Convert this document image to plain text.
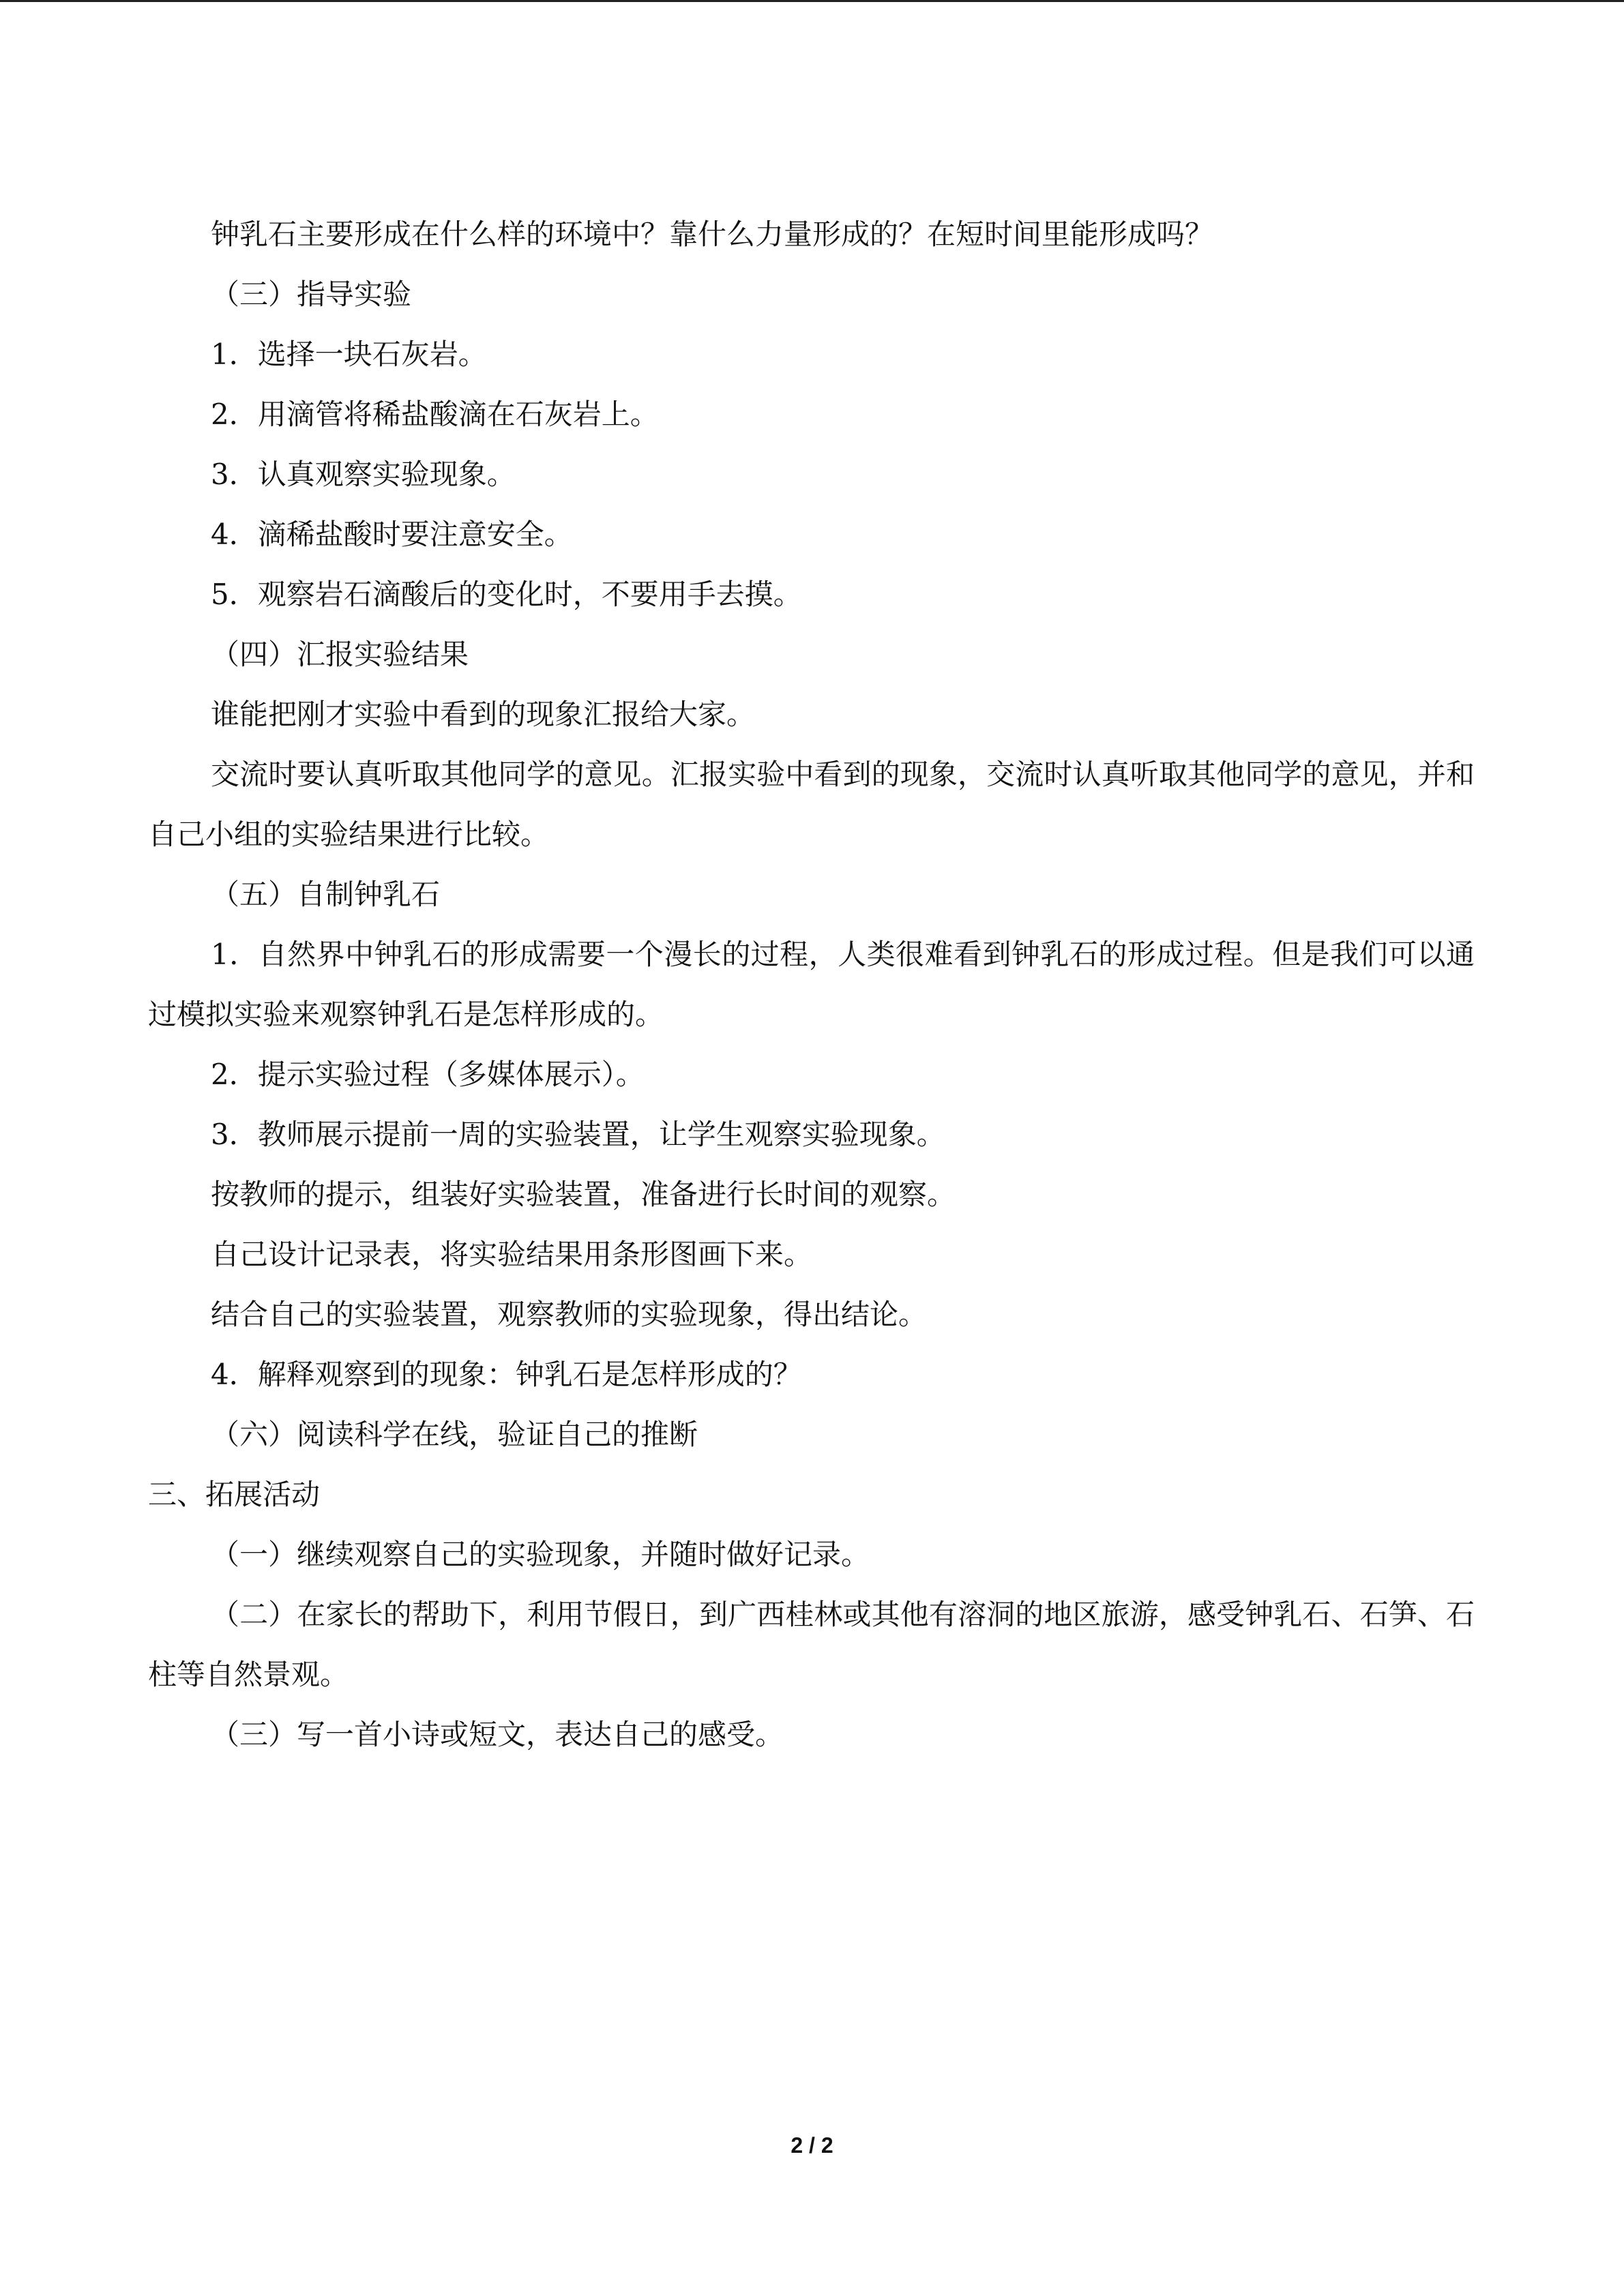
钟乳石主要形成在什么样的环境中？靠什么力量形成的？在短时间里能形成吗？
（三）指导实验
1．选择一块石灰岩。
2．用滴管将稀盐酸滴在石灰岩上。
3．认真观察实验现象。
4．滴稀盐酸时要注意安全。
5．观察岩石滴酸后的变化时，不要用手去摸。
（四）汇报实验结果
谁能把刚才实验中看到的现象汇报给大家。
交流时要认真听取其他同学的意见。汇报实验中看到的现象，交流时认真听取其他同学的意见，并和自己小组的实验结果进行比较。
（五）自制钟乳石
1．自然界中钟乳石的形成需要一个漫长的过程，人类很难看到钟乳石的形成过程。但是我们可以通过模拟实验来观察钟乳石是怎样形成的。
2．提示实验过程（多媒体展示）。
3．教师展示提前一周的实验装置，让学生观察实验现象。
按教师的提示，组装好实验装置，准备进行长时间的观察。
自己设计记录表，将实验结果用条形图画下来。
结合自己的实验装置，观察教师的实验现象，得出结论。
4．解释观察到的现象：钟乳石是怎样形成的？
（六）阅读科学在线，验证自己的推断
三、拓展活动
（一）继续观察自己的实验现象，并随时做好记录。
（二）在家长的帮助下，利用节假日，到广西桂林或其他有溶洞的地区旅游，感受钟乳石、石笋、石柱等自然景观。
（三）写一首小诗或短文，表达自己的感受。
2 / 2
